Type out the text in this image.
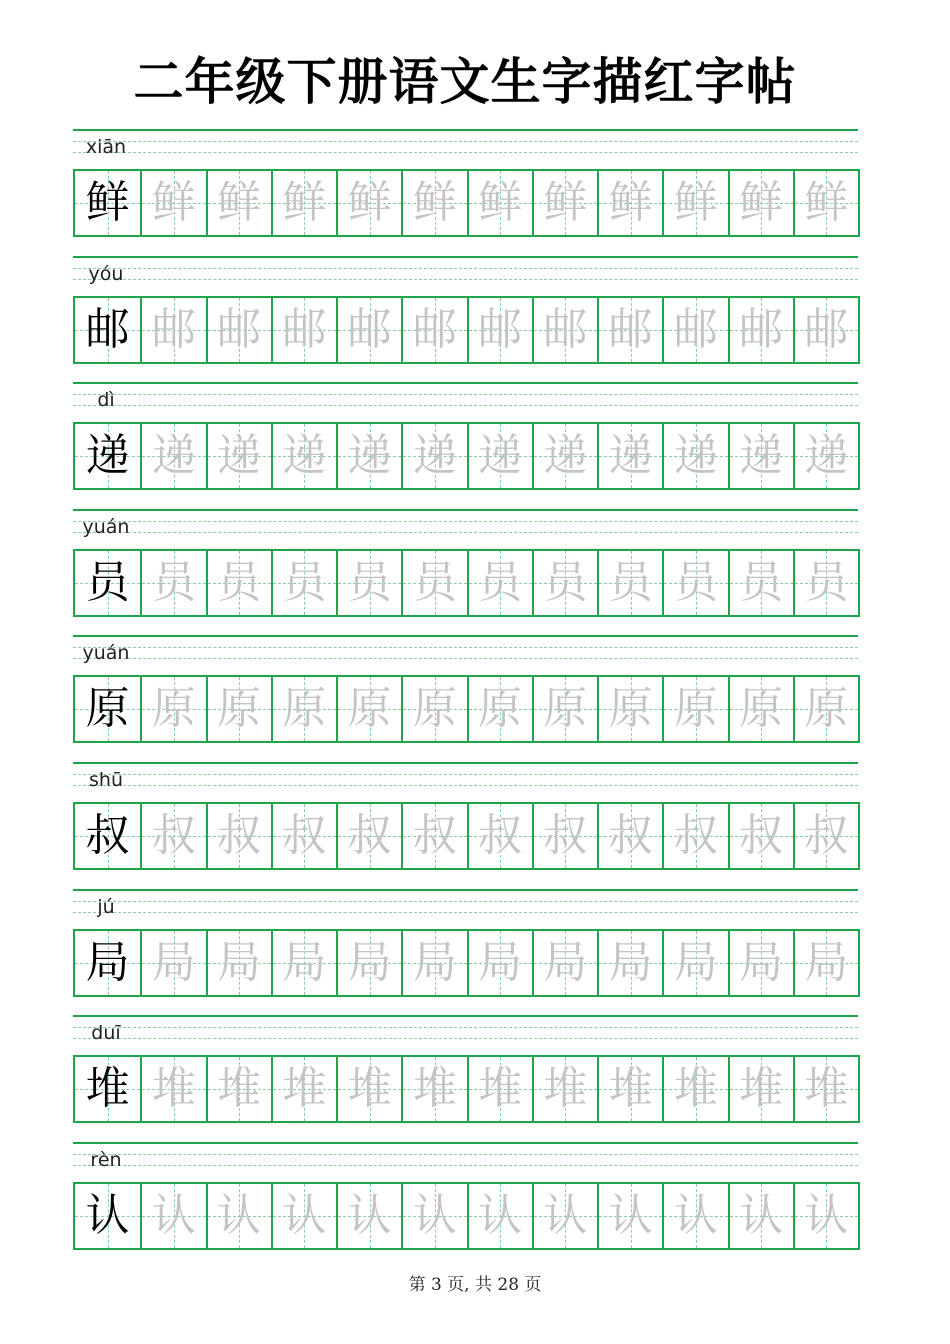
二年级下册语文生字描红字帖
xiān
鲜 鲜 鲜 鲜 鲜 鲜 鲜 鲜 鲜 鲜 鲜 鲜
yóu
邮 邮 邮 邮 邮 邮 邮 邮 邮 邮 邮 邮
dì
递 递 递 递 递 递 递 递 递 递 递 递
yuán
员 员 员 员 员 员 员 员 员 员 员 员
yuán
原 原 原 原 原 原 原 原 原 原 原 原
shū
叔 叔 叔 叔 叔 叔 叔 叔 叔 叔 叔 叔
jú
局 局 局 局 局 局 局 局 局 局 局 局
duī
堆 堆 堆 堆 堆 堆 堆 堆 堆 堆 堆 堆
rèn
认 认 认 认 认 认 认 认 认 认 认 认
第 3 页, 共 28 页
